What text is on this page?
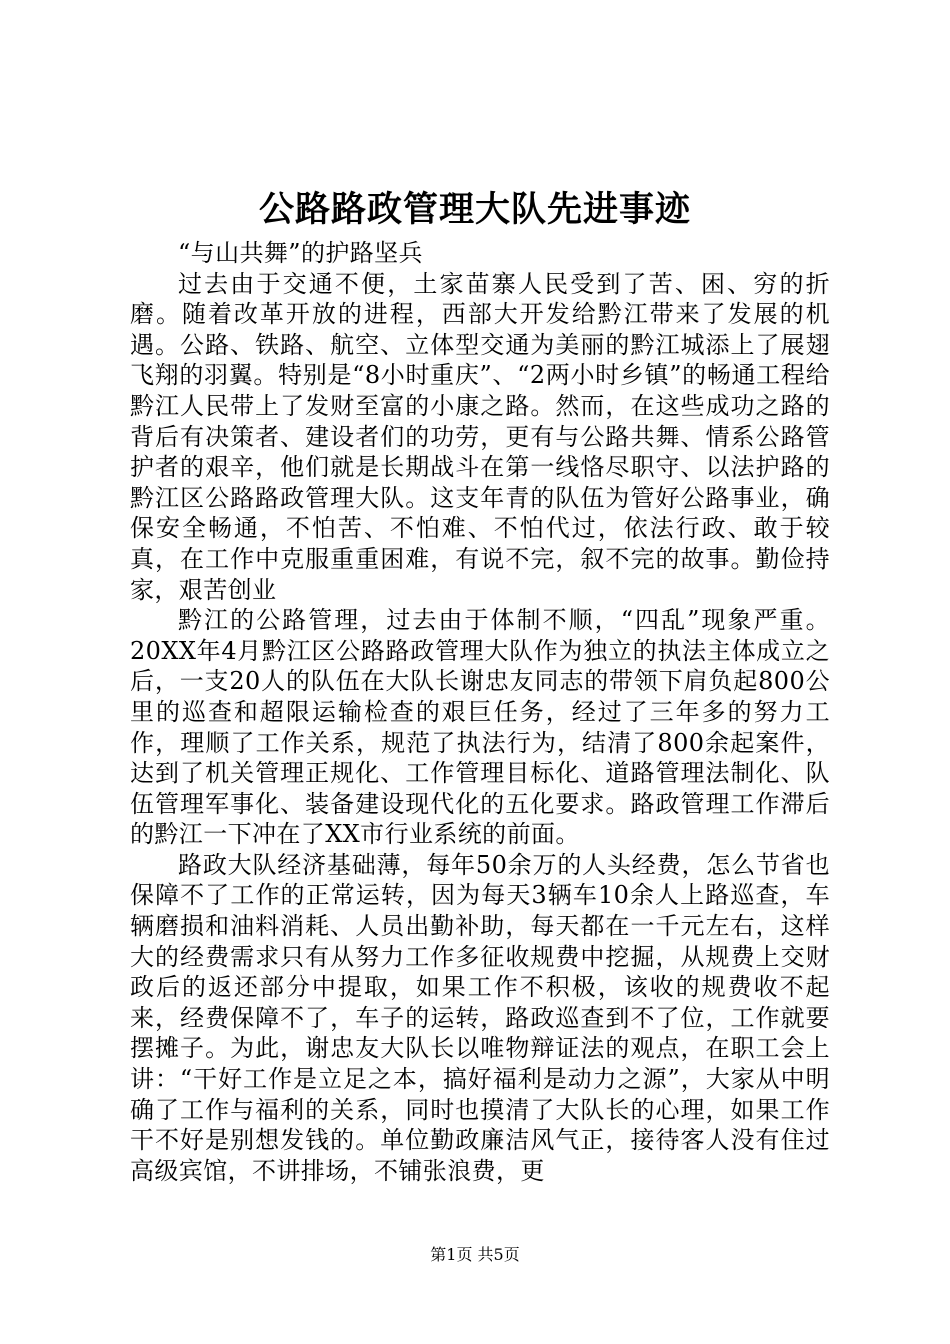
公路路政管理大队先进事迹

“与山共舞”的护路坚兵

过去由于交通不便，土家苗寨人民受到了苦、困、穷的折磨。随着改革开放的进程，西部大开发给黔江带来了发展的机遇。公路、铁路、航空、立体型交通为美丽的黔江城添上了展翅飞翔的羽翼。特别是“8小时重庆”、“2两小时乡镇”的畅通工程给黔江人民带上了发财至富的小康之路。然而，在这些成功之路的背后有决策者、建设者们的功劳，更有与公路共舞、情系公路管护者的艰辛，他们就是长期战斗在第一线恪尽职守、以法护路的黔江区公路路政管理大队。这支年青的队伍为管好公路事业，确保安全畅通，不怕苦、不怕难、不怕代过，依法行政、敢于较真，在工作中克服重重困难，有说不完，叙不完的故事。勤俭持家，艰苦创业

黔江的公路管理，过去由于体制不顺，“四乱”现象严重。20XX年4月黔江区公路路政管理大队作为独立的执法主体成立之后，一支20人的队伍在大队长谢忠友同志的带领下肩负起800公里的巡查和超限运输检查的艰巨任务，经过了三年多的努力工作，理顺了工作关系，规范了执法行为，结清了800余起案件，达到了机关管理正规化、工作管理目标化、道路管理法制化、队伍管理军事化、装备建设现代化的五化要求。路政管理工作滞后的黔江一下冲在了XX市行业系统的前面。

路政大队经济基础薄，每年50余万的人头经费，怎么节省也保障不了工作的正常运转，因为每天3辆车10余人上路巡查，车辆磨损和油料消耗、人员出勤补助，每天都在一千元左右，这样大的经费需求只有从努力工作多征收规费中挖掘，从规费上交财政后的返还部分中提取，如果工作不积极，该收的规费收不起来，经费保障不了，车子的运转，路政巡查到不了位，工作就要摆摊子。为此，谢忠友大队长以唯物辩证法的观点，在职工会上讲：“干好工作是立足之本，搞好福利是动力之源”，大家从中明确了工作与福利的关系，同时也摸清了大队长的心理，如果工作干不好是别想发钱的。单位勤政廉洁风气正，接待客人没有住过高级宾馆，不讲排场，不铺张浪费，更

第1页 共5页
